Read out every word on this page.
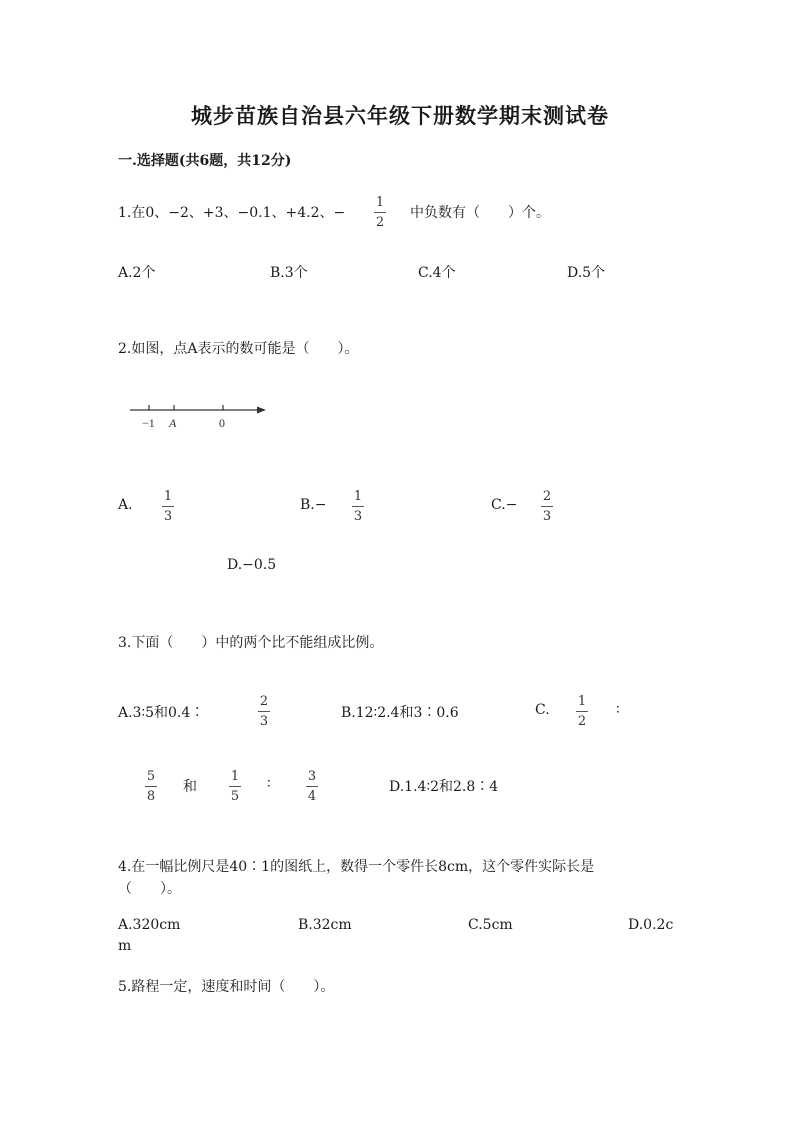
城步苗族自治县六年级下册数学期末测试卷
一.选择题(共6题，共12分)
1.在0、−2、+3、−0.1、+4.2、−
1
2
中负数有（　　）个。
A.2个	B.3个	C.4个	D.5个
2.如图，点A表示的数可能是（　　）。
−1 A	0
A.
1
3
B.−
1
3
C.−
2
3
D.−0.5
3.下面（　　）中的两个比不能组成比例。
A.3∶5和0.4∶
2
3
B.12∶2.4和3∶0.6	C.
1
2
∶
5
8
和
1
5
∶	3
4
D.1.4∶2和2.8∶4
4.在一幅比例尺是40∶1的图纸上，数得一个零件长8cm，这个零件实际长是
（　　）。
A.320cm	B.32cm	C.5cm	D.0.2c
m
5.路程一定，速度和时间（　　）。
